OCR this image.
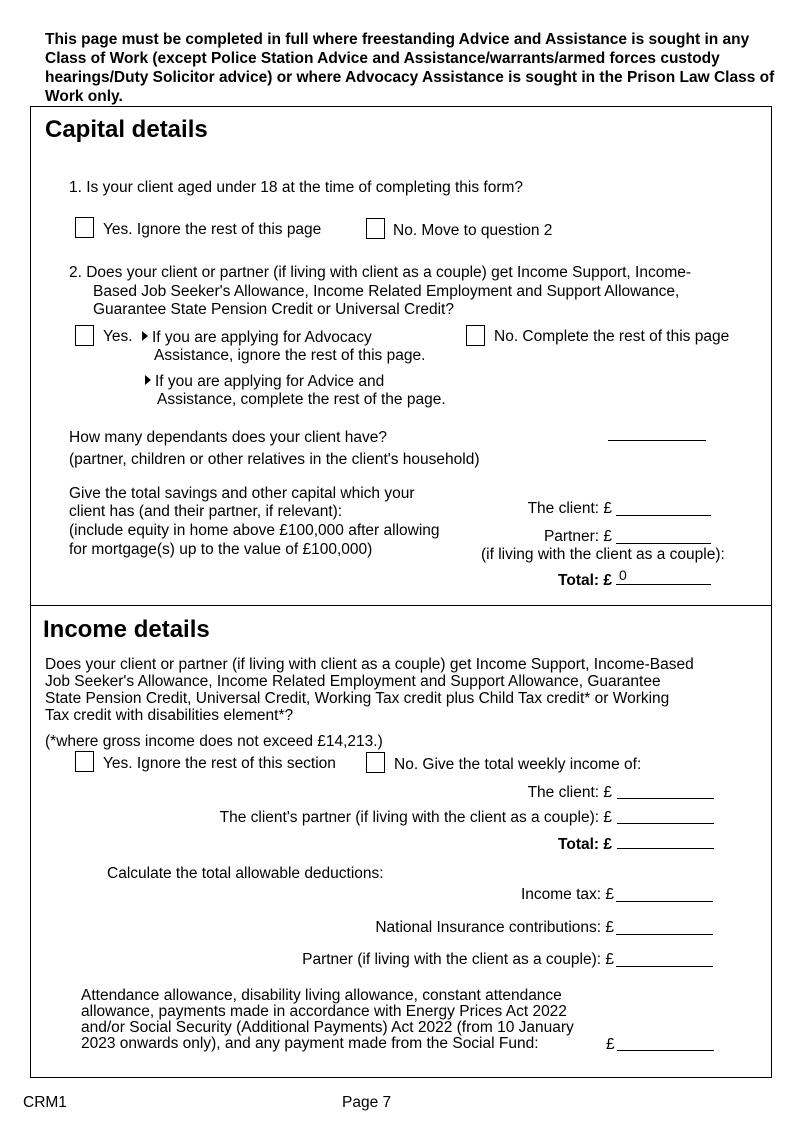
This page must be completed in full where freestanding Advice and Assistance is sought in any Class of Work (except Police Station Advice and Assistance/warrants/armed forces custody hearings/Duty Solicitor advice) or where Advocacy Assistance is sought in the Prison Law Class of Work only.
Capital details
1. Is your client aged under 18 at the time of completing this form?
Yes. Ignore the rest of this page	No. Move to question 2
2. Does your client or partner (if living with client as a couple) get Income Support, Income-
Based Job Seeker's Allowance, Income Related Employment and Support Allowance,
Guarantee State Pension Credit or Universal Credit?
Yes.	If you are applying for Advocacy
Assistance, ignore the rest of this page.
If you are applying for Advice and
Assistance, complete the rest of the page.
No. Complete the rest of this page
How many dependants does your client have?
(partner, children or other relatives in the client's household)
Give the total savings and other capital which your
client has (and their partner, if relevant):
(include equity in home above £100,000 after allowing
for mortgage(s) up to the value of £100,000)
The client: £
Partner: £
(if living with the client as a couple):
Total: £ 0
Income details
Does your client or partner (if living with client as a couple) get Income Support, Income-Based
Job Seeker's Allowance, Income Related Employment and Support Allowance, Guarantee
State Pension Credit, Universal Credit, Working Tax credit plus Child Tax credit* or Working
Tax credit with disabilities element*?
(*where gross income does not exceed £14,213.)
Yes. Ignore the rest of this section	No. Give the total weekly income of:
The client: £
The client's partner (if living with the client as a couple): £
Total: £
Calculate the total allowable deductions:
Income tax: £
National Insurance contributions: £
Partner (if living with the client as a couple): £
Attendance allowance, disability living allowance, constant attendance
allowance, payments made in accordance with Energy Prices Act 2022
and/or Social Security (Additional Payments) Act 2022 (from 10 January
2023 onwards only), and any payment made from the Social Fund:	£
CRM1	Page 7
